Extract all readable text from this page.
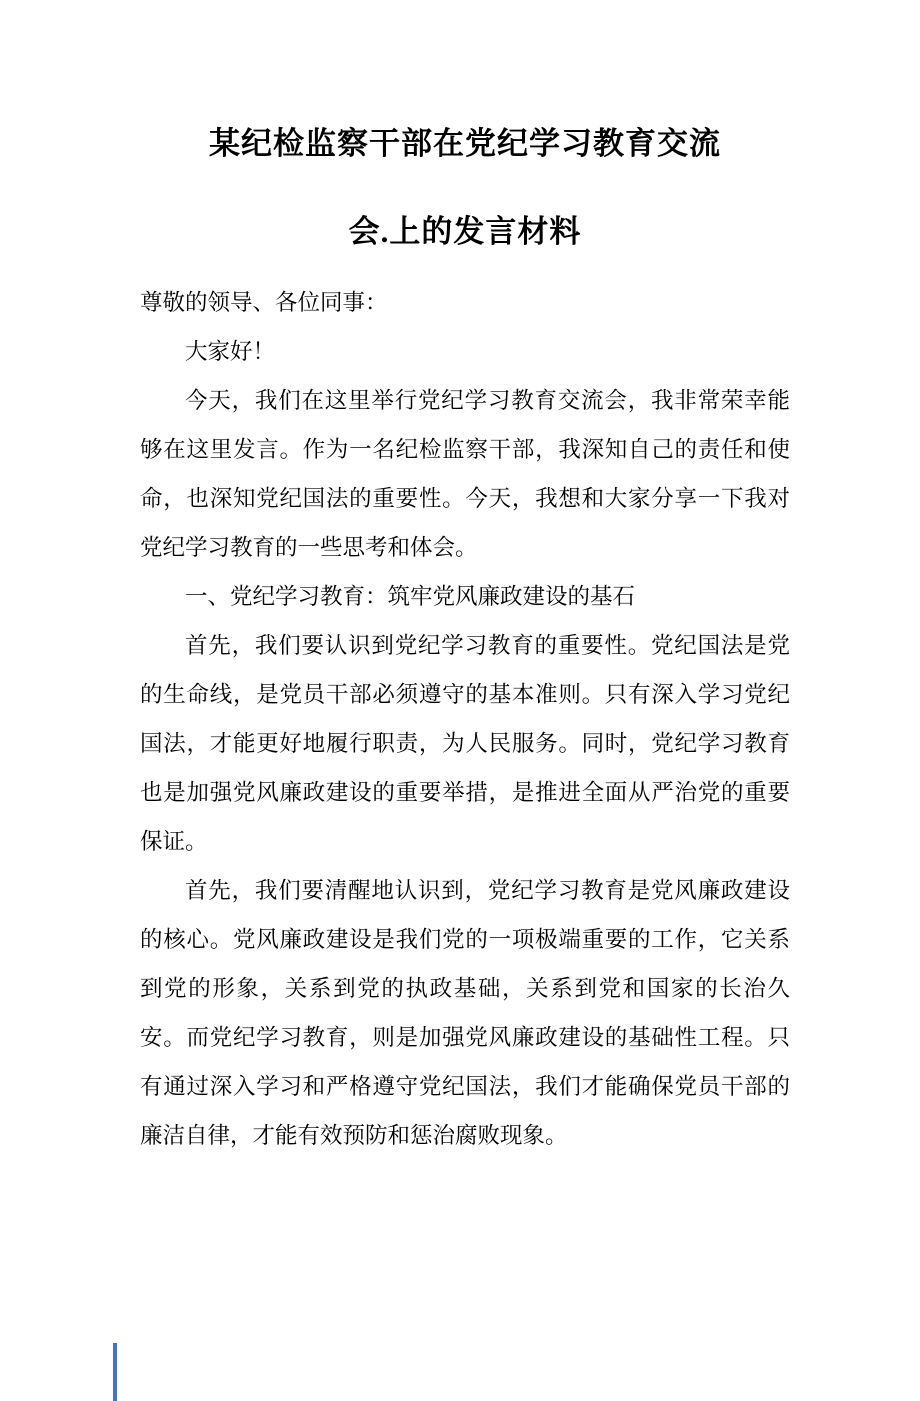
某纪检监察干部在党纪学习教育交流
会.上的发言材料

尊敬的领导、各位同事：

大家好！

今天，我们在这里举行党纪学习教育交流会，我非常荣幸能够在这里发言。作为一名纪检监察干部，我深知自己的责任和使命，也深知党纪国法的重要性。今天，我想和大家分享一下我对党纪学习教育的一些思考和体会。

一、党纪学习教育：筑牢党风廉政建设的基石

首先，我们要认识到党纪学习教育的重要性。党纪国法是党的生命线，是党员干部必须遵守的基本准则。只有深入学习党纪国法，才能更好地履行职责，为人民服务。同时，党纪学习教育也是加强党风廉政建设的重要举措，是推进全面从严治党的重要保证。

首先，我们要清醒地认识到，党纪学习教育是党风廉政建设的核心。党风廉政建设是我们党的一项极端重要的工作，它关系到党的形象，关系到党的执政基础，关系到党和国家的长治久安。而党纪学习教育，则是加强党风廉政建设的基础性工程。只有通过深入学习和严格遵守党纪国法，我们才能确保党员干部的廉洁自律，才能有效预防和惩治腐败现象。
